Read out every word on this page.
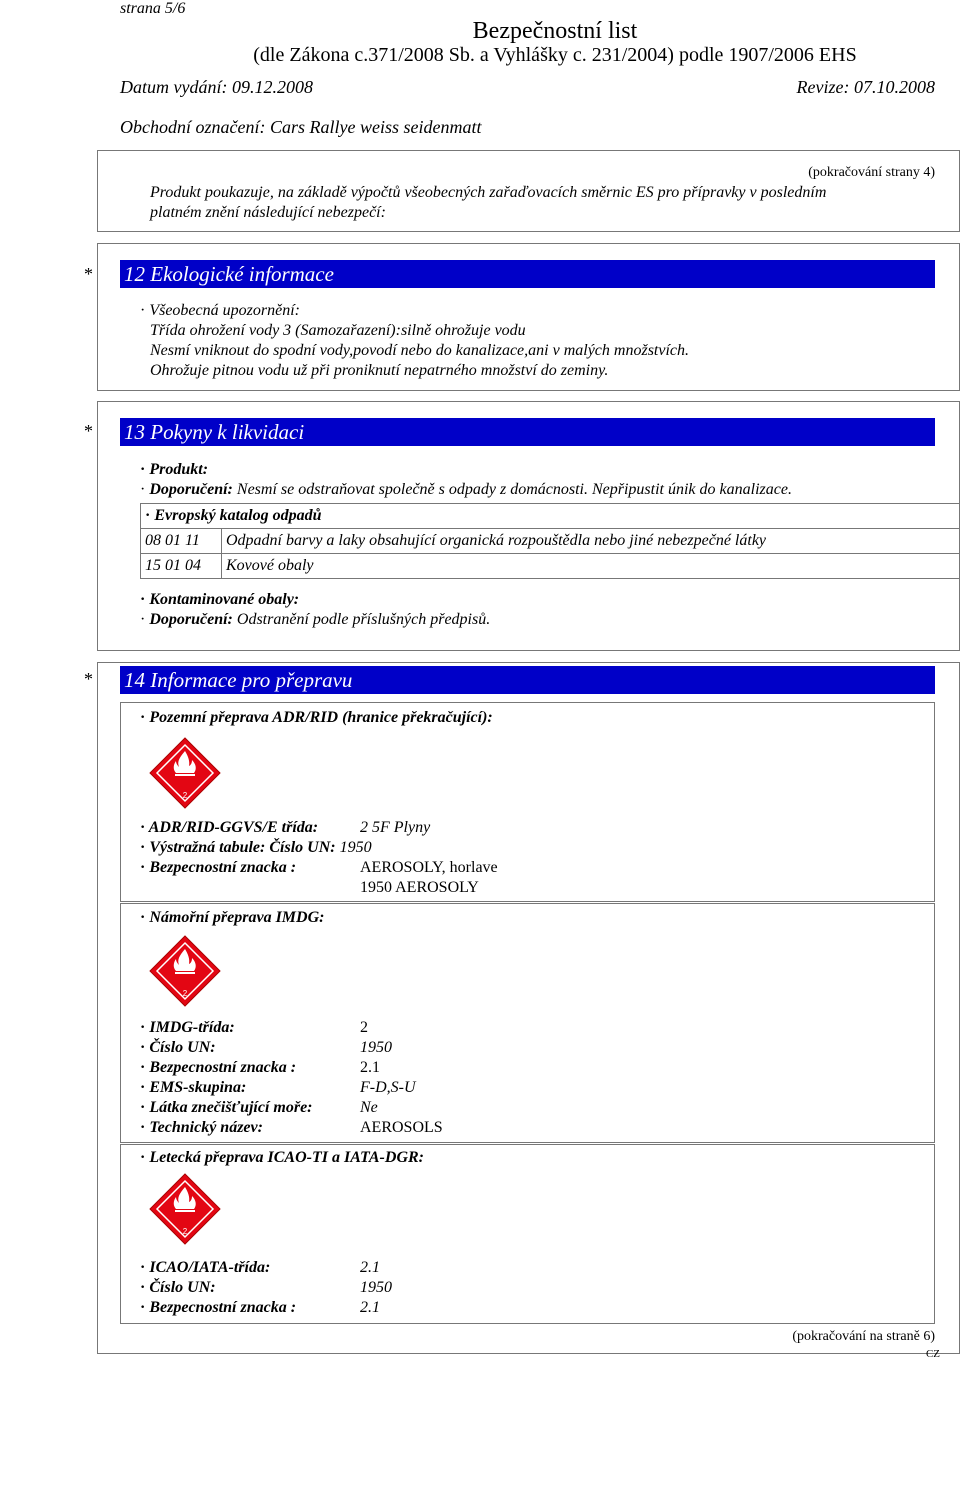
strana 5/6
Bezpečnostní list
(dle Zákona c.371/2008 Sb. a Vyhlášky c. 231/2004) podle 1907/2006 EHS
Datum vydání: 09.12.2008	Revize: 07.10.2008
Obchodní označení: Cars Rallye weiss seidenmatt
(pokračování strany 4)
Produkt poukazuje, na základě výpočtů všeobecných zařaďovacích směrnic ES pro přípravky v posledním
platném znění následující nebezpečí:
* 12 Ekologické informace
· Všeobecná upozornění:
Třída ohrožení vody 3 (Samozařazení):silně ohrožuje vodu
Nesmí vniknout do spodní vody,povodí nebo do kanalizace,ani v malých množstvích.
Ohrožuje pitnou vodu už při proniknutí nepatrného množství do zeminy.
* 13 Pokyny k likvidaci
· Produkt:
· Doporučení: Nesmí se odstraňovat společně s odpady z domácnosti. Nepřipustit únik do kanalizace.
· Evropský katalog odpadů	
08 01 11	Odpadní barvy a laky obsahující organická rozpouštědla nebo jiné nebezpečné látky
15 01 04	Kovové obaly
· Kontaminované obaly:
· Doporučení: Odstranění podle příslušných předpisů.
* 14 Informace pro přepravu
· Pozemní přeprava ADR/RID (hranice překračující):
2
· ADR/RID-GGVS/E třída:	2 5F Plyny
· Výstražná tabule: Číslo UN: 1950
· Bezpecnostní znacka :	AEROSOLY, horlave
1950 AEROSOLY
· Námořní přeprava IMDG:
2
· IMDG-třída:	2
· Číslo UN:	1950
· Bezpecnostní znacka :	2.1
· EMS-skupina:	F-D,S-U
· Látka znečišťující moře:	Ne
· Technický název:	AEROSOLS
· Letecká přeprava ICAO-TI a IATA-DGR:
2
· ICAO/IATA-třída:	2.1
· Číslo UN:	1950
· Bezpecnostní znacka :	2.1
(pokračování na straně 6)
CZ
